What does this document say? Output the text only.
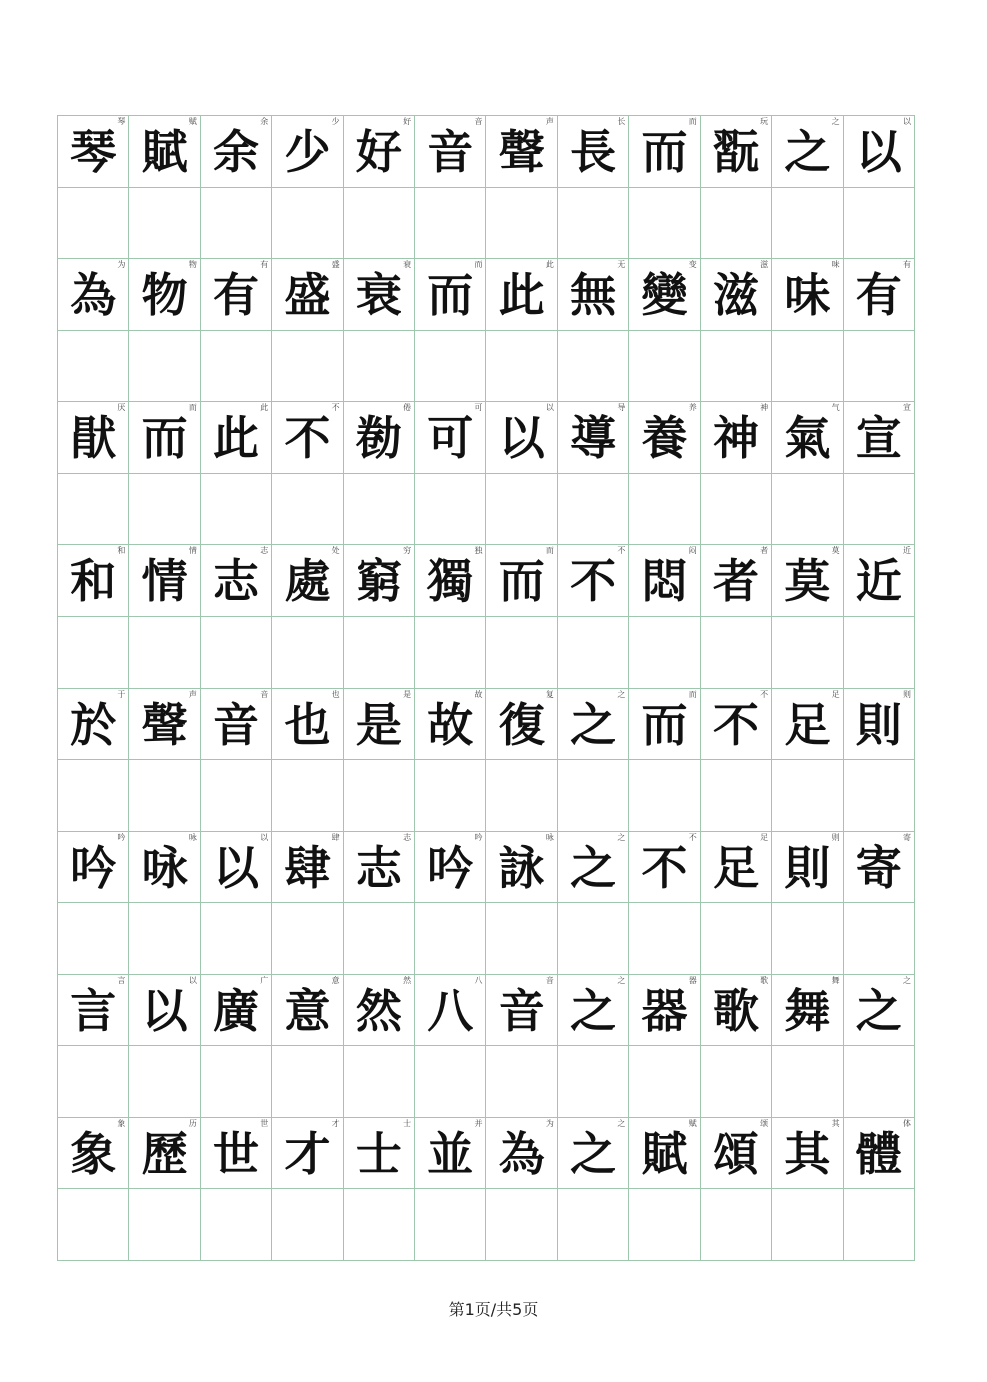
琴
琴
賦
赋
余
余
少
少
好
好
音
音
聲
声
長
长
而
而
翫
玩
之
之
以
以
為
为
物
物
有
有
盛
盛
衰
衰
而
而
此
此
無
无
變
变
滋
滋
味
味
有
有
猒
厌
而
而
此
此
不
不
勌
倦
可
可
以
以
導
导
養
养
神
神
氣
气
宣
宣
和
和
情
情
志
志
處
处
窮
穷
獨
独
而
而
不
不
悶
闷
者
者
莫
莫
近
近
於
于
聲
声
音
音
也
也
是
是
故
故
復
复
之
之
而
而
不
不
足
足
則
则
吟
吟
咏
咏
以
以
肆
肆
志
志
吟
吟
詠
咏
之
之
不
不
足
足
則
则
寄
寄
言
言
以
以
廣
广
意
意
然
然
八
八
音
音
之
之
器
器
歌
歌
舞
舞
之
之
象
象
歷
历
世
世
才
才
士
士
並
并
為
为
之
之
賦
赋
頌
颂
其
其
體
体
第1页/共5页
